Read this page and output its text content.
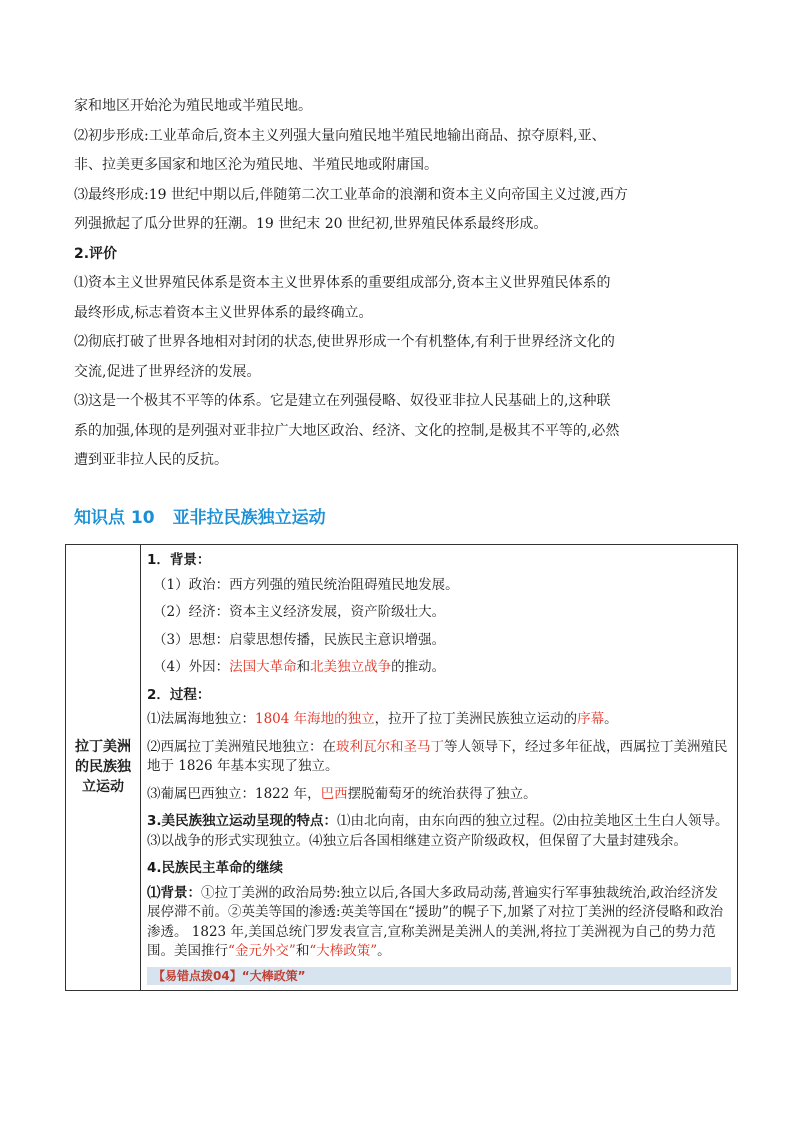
家和地区开始沦为殖民地或半殖民地。
⑵初步形成:工业革命后,资本主义列强大量向殖民地半殖民地输出商品、掠夺原料,亚、
非、拉美更多国家和地区沦为殖民地、半殖民地或附庸国。
⑶最终形成:19 世纪中期以后,伴随第二次工业革命的浪潮和资本主义向帝国主义过渡,西方
列强掀起了瓜分世界的狂潮。19 世纪末 20 世纪初,世界殖民体系最终形成。
2.评价
⑴资本主义世界殖民体系是资本主义世界体系的重要组成部分,资本主义世界殖民体系的
最终形成,标志着资本主义世界体系的最终确立。
⑵彻底打破了世界各地相对封闭的状态,使世界形成一个有机整体,有利于世界经济文化的
交流,促进了世界经济的发展。
⑶这是一个极其不平等的体系。它是建立在列强侵略、奴役亚非拉人民基础上的,这种联
系的加强,体现的是列强对亚非拉广大地区政治、经济、文化的控制,是极其不平等的,必然
遭到亚非拉人民的反抗。
知识点 10 亚非拉民族独立运动
拉丁美洲的民族独立运动	
1．背景：
（1）政治：西方列强的殖民统治阻碍殖民地发展。
（2）经济：资本主义经济发展，资产阶级壮大。
（3）思想：启蒙思想传播，民族民主意识增强。
（4）外因：法国大革命和北美独立战争的推动。
2．过程：
⑴法属海地独立：1804 年海地的独立，拉开了拉丁美洲民族独立运动的序幕。
⑵西属拉丁美洲殖民地独立：在玻利瓦尔和圣马丁等人领导下，经过多年征战，西属拉丁美洲殖民地于 1826 年基本实现了独立。
⑶葡属巴西独立：1822 年，巴西摆脱葡萄牙的统治获得了独立。
3.美民族独立运动呈现的特点：⑴由北向南，由东向西的独立过程。⑵由拉美地区土生白人领导。⑶以战争的形式实现独立。⑷独立后各国相继建立资产阶级政权，但保留了大量封建残余。
4.民族民主革命的继续
⑴背景：①拉丁美洲的政治局势:独立以后,各国大多政局动荡,普遍实行军事独裁统治,政治经济发展停滞不前。②英美等国的渗透:英美等国在“援助”的幌子下,加紧了对拉丁美洲的经济侵略和政治渗透。 1823 年,美国总统门罗发表宣言,宣称美洲是美洲人的美洲,将拉丁美洲视为自己的势力范围。美国推行“金元外交”和“大棒政策”。
【易错点拨04】“大棒政策”
